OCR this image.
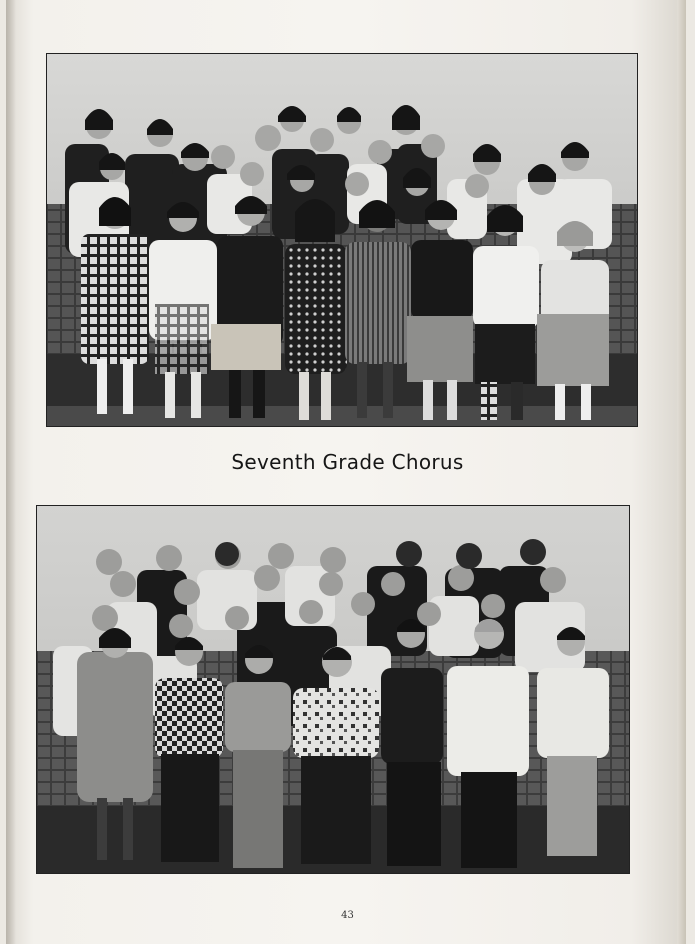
Seventh Grade Chorus
43
